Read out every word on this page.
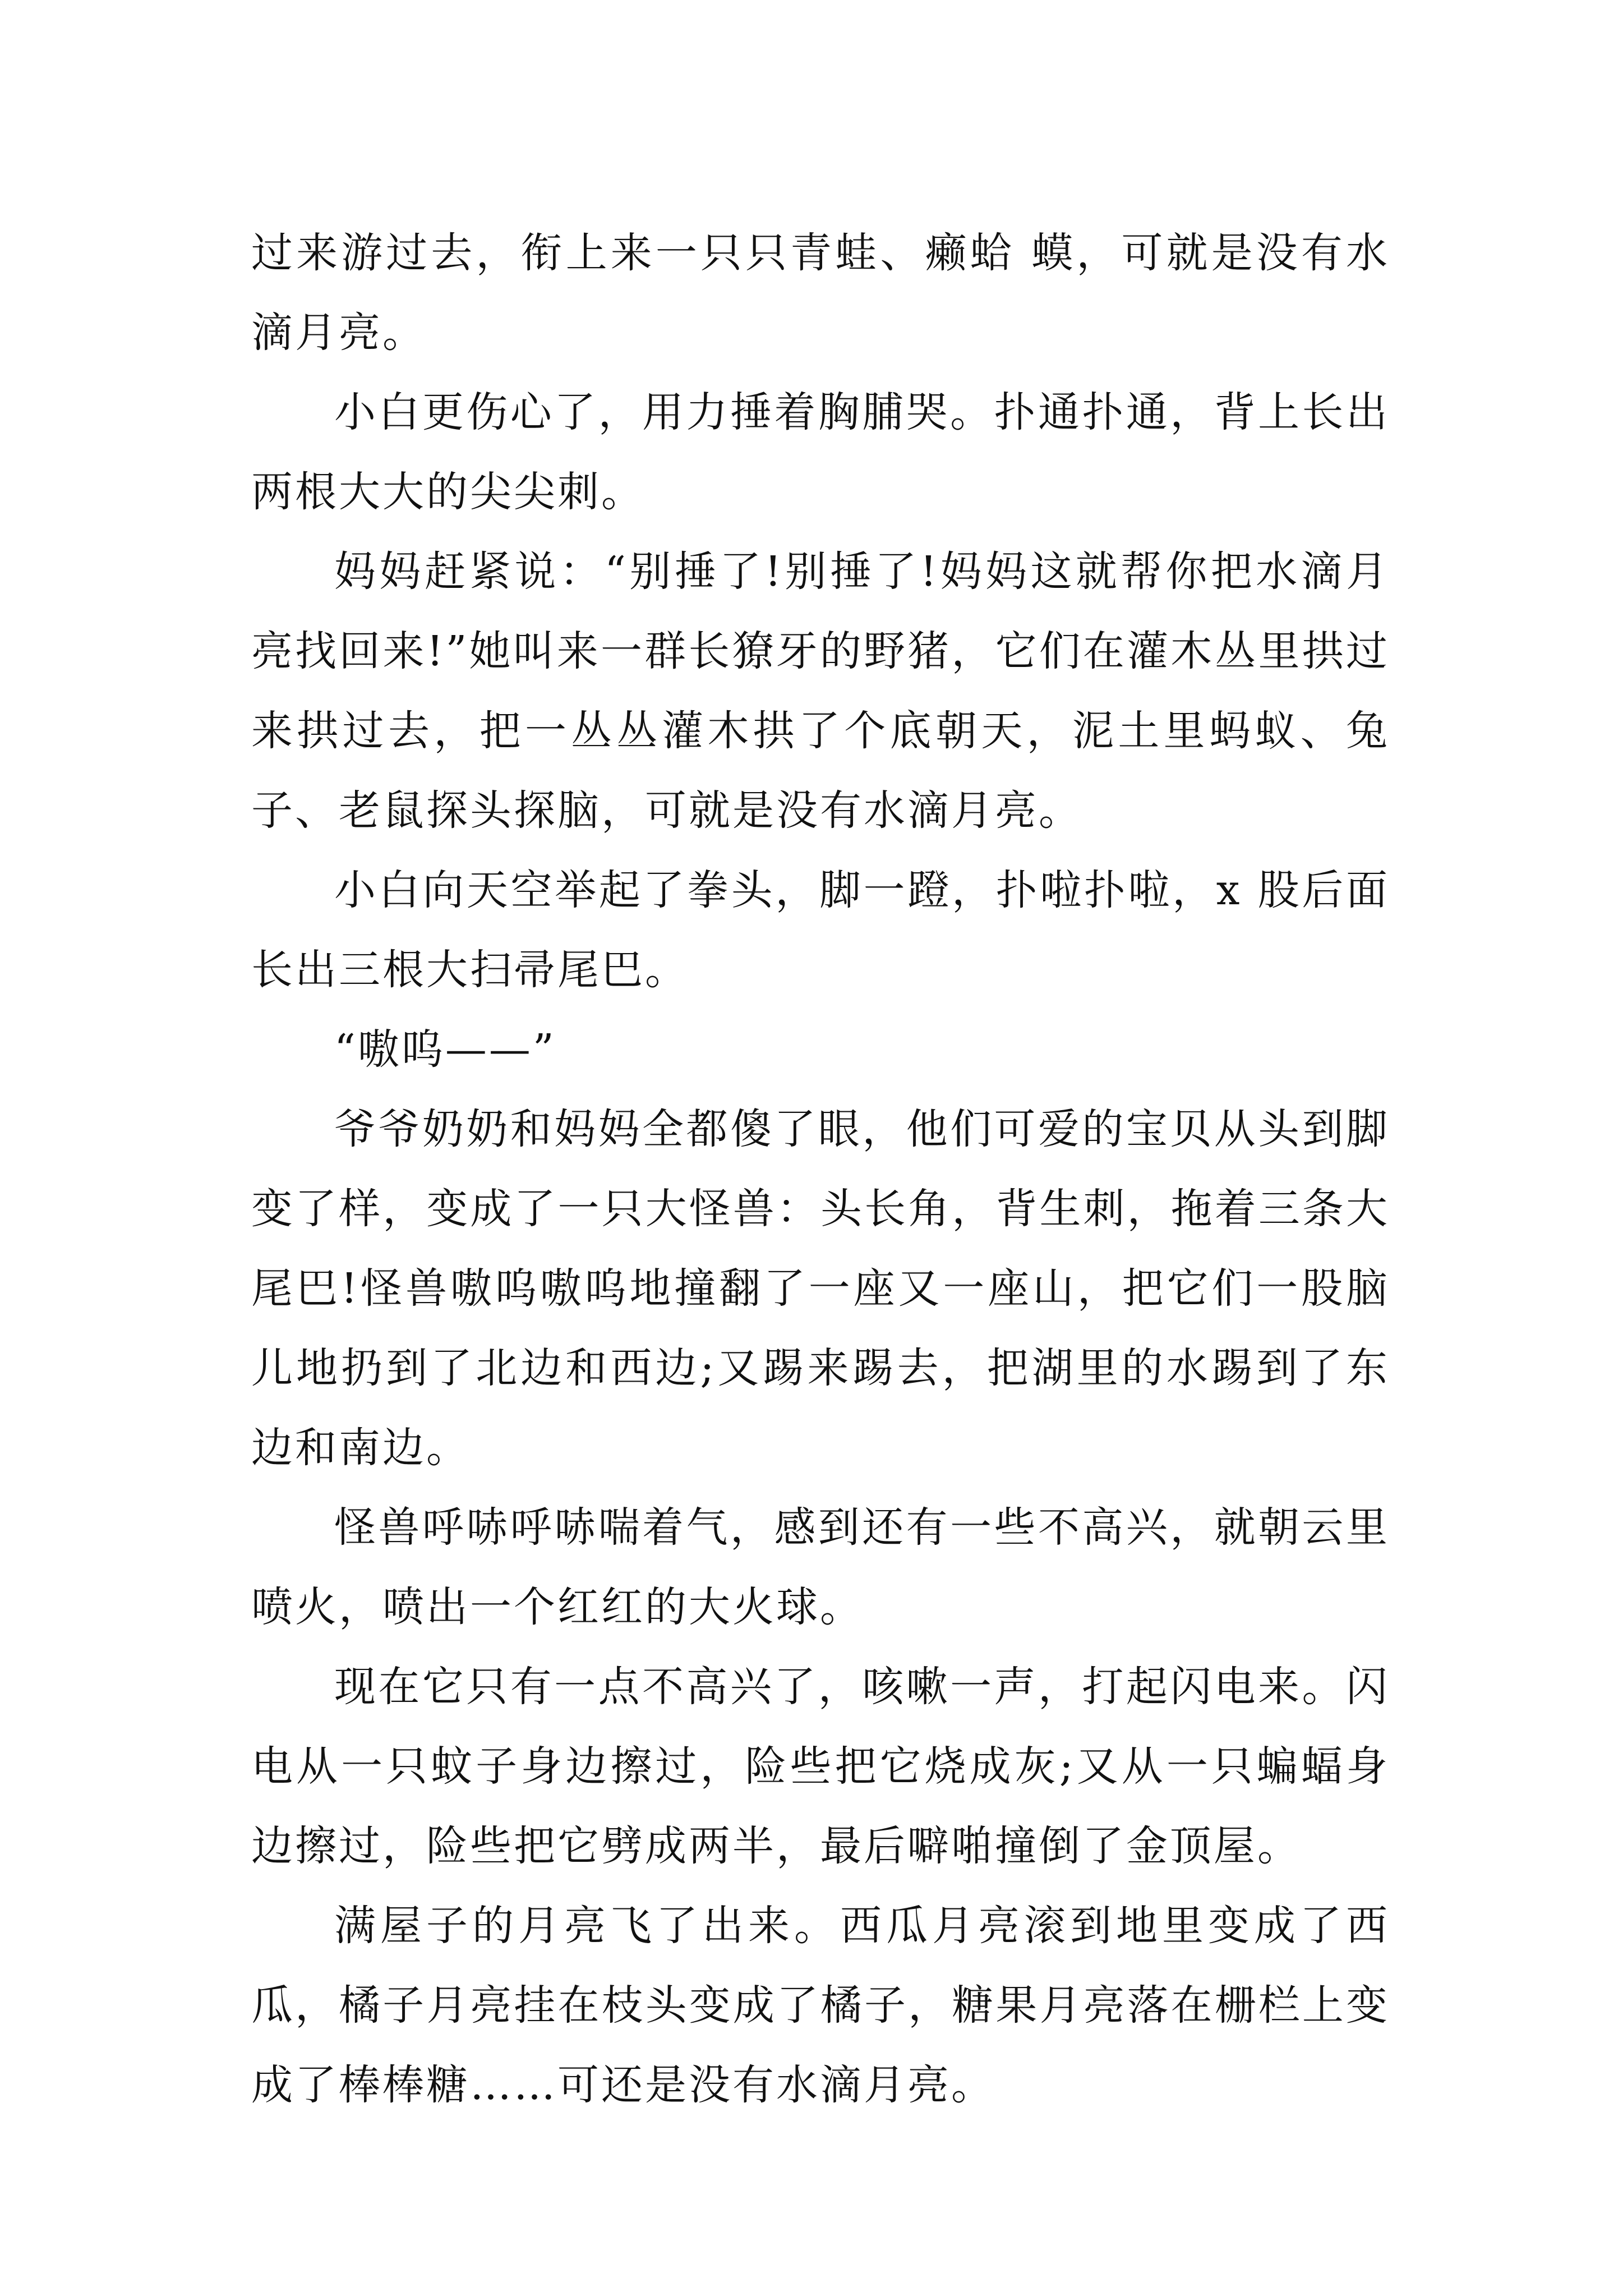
过来游过去，衔上来一只只青蛙、癞蛤 蟆，可就是没有水滴月亮。

小白更伤心了，用力捶着胸脯哭。扑通扑通，背上长出两根大大的尖尖刺。

妈妈赶紧说：“别捶了!别捶了!妈妈这就帮你把水滴月亮找回来!”她叫来一群长獠牙的野猪，它们在灌木丛里拱过来拱过去，把一丛丛灌木拱了个底朝天，泥土里蚂蚁、兔子、老鼠探头探脑，可就是没有水滴月亮。

小白向天空举起了拳头，脚一蹬，扑啦扑啦，x 股后面长出三根大扫帚尾巴。

“嗷呜——”

爷爷奶奶和妈妈全都傻了眼，他们可爱的宝贝从头到脚变了样，变成了一只大怪兽：头长角，背生刺，拖着三条大尾巴!怪兽嗷呜嗷呜地撞翻了一座又一座山，把它们一股脑儿地扔到了北边和西边;又踢来踢去，把湖里的水踢到了东边和南边。

怪兽呼哧呼哧喘着气，感到还有一些不高兴，就朝云里喷火，喷出一个红红的大火球。

现在它只有一点不高兴了，咳嗽一声，打起闪电来。闪电从一只蚊子身边擦过，险些把它烧成灰;又从一只蝙蝠身边擦过，险些把它劈成两半，最后噼啪撞倒了金顶屋。

满屋子的月亮飞了出来。西瓜月亮滚到地里变成了西瓜，橘子月亮挂在枝头变成了橘子，糖果月亮落在栅栏上变成了棒棒糖……可还是没有水滴月亮。
